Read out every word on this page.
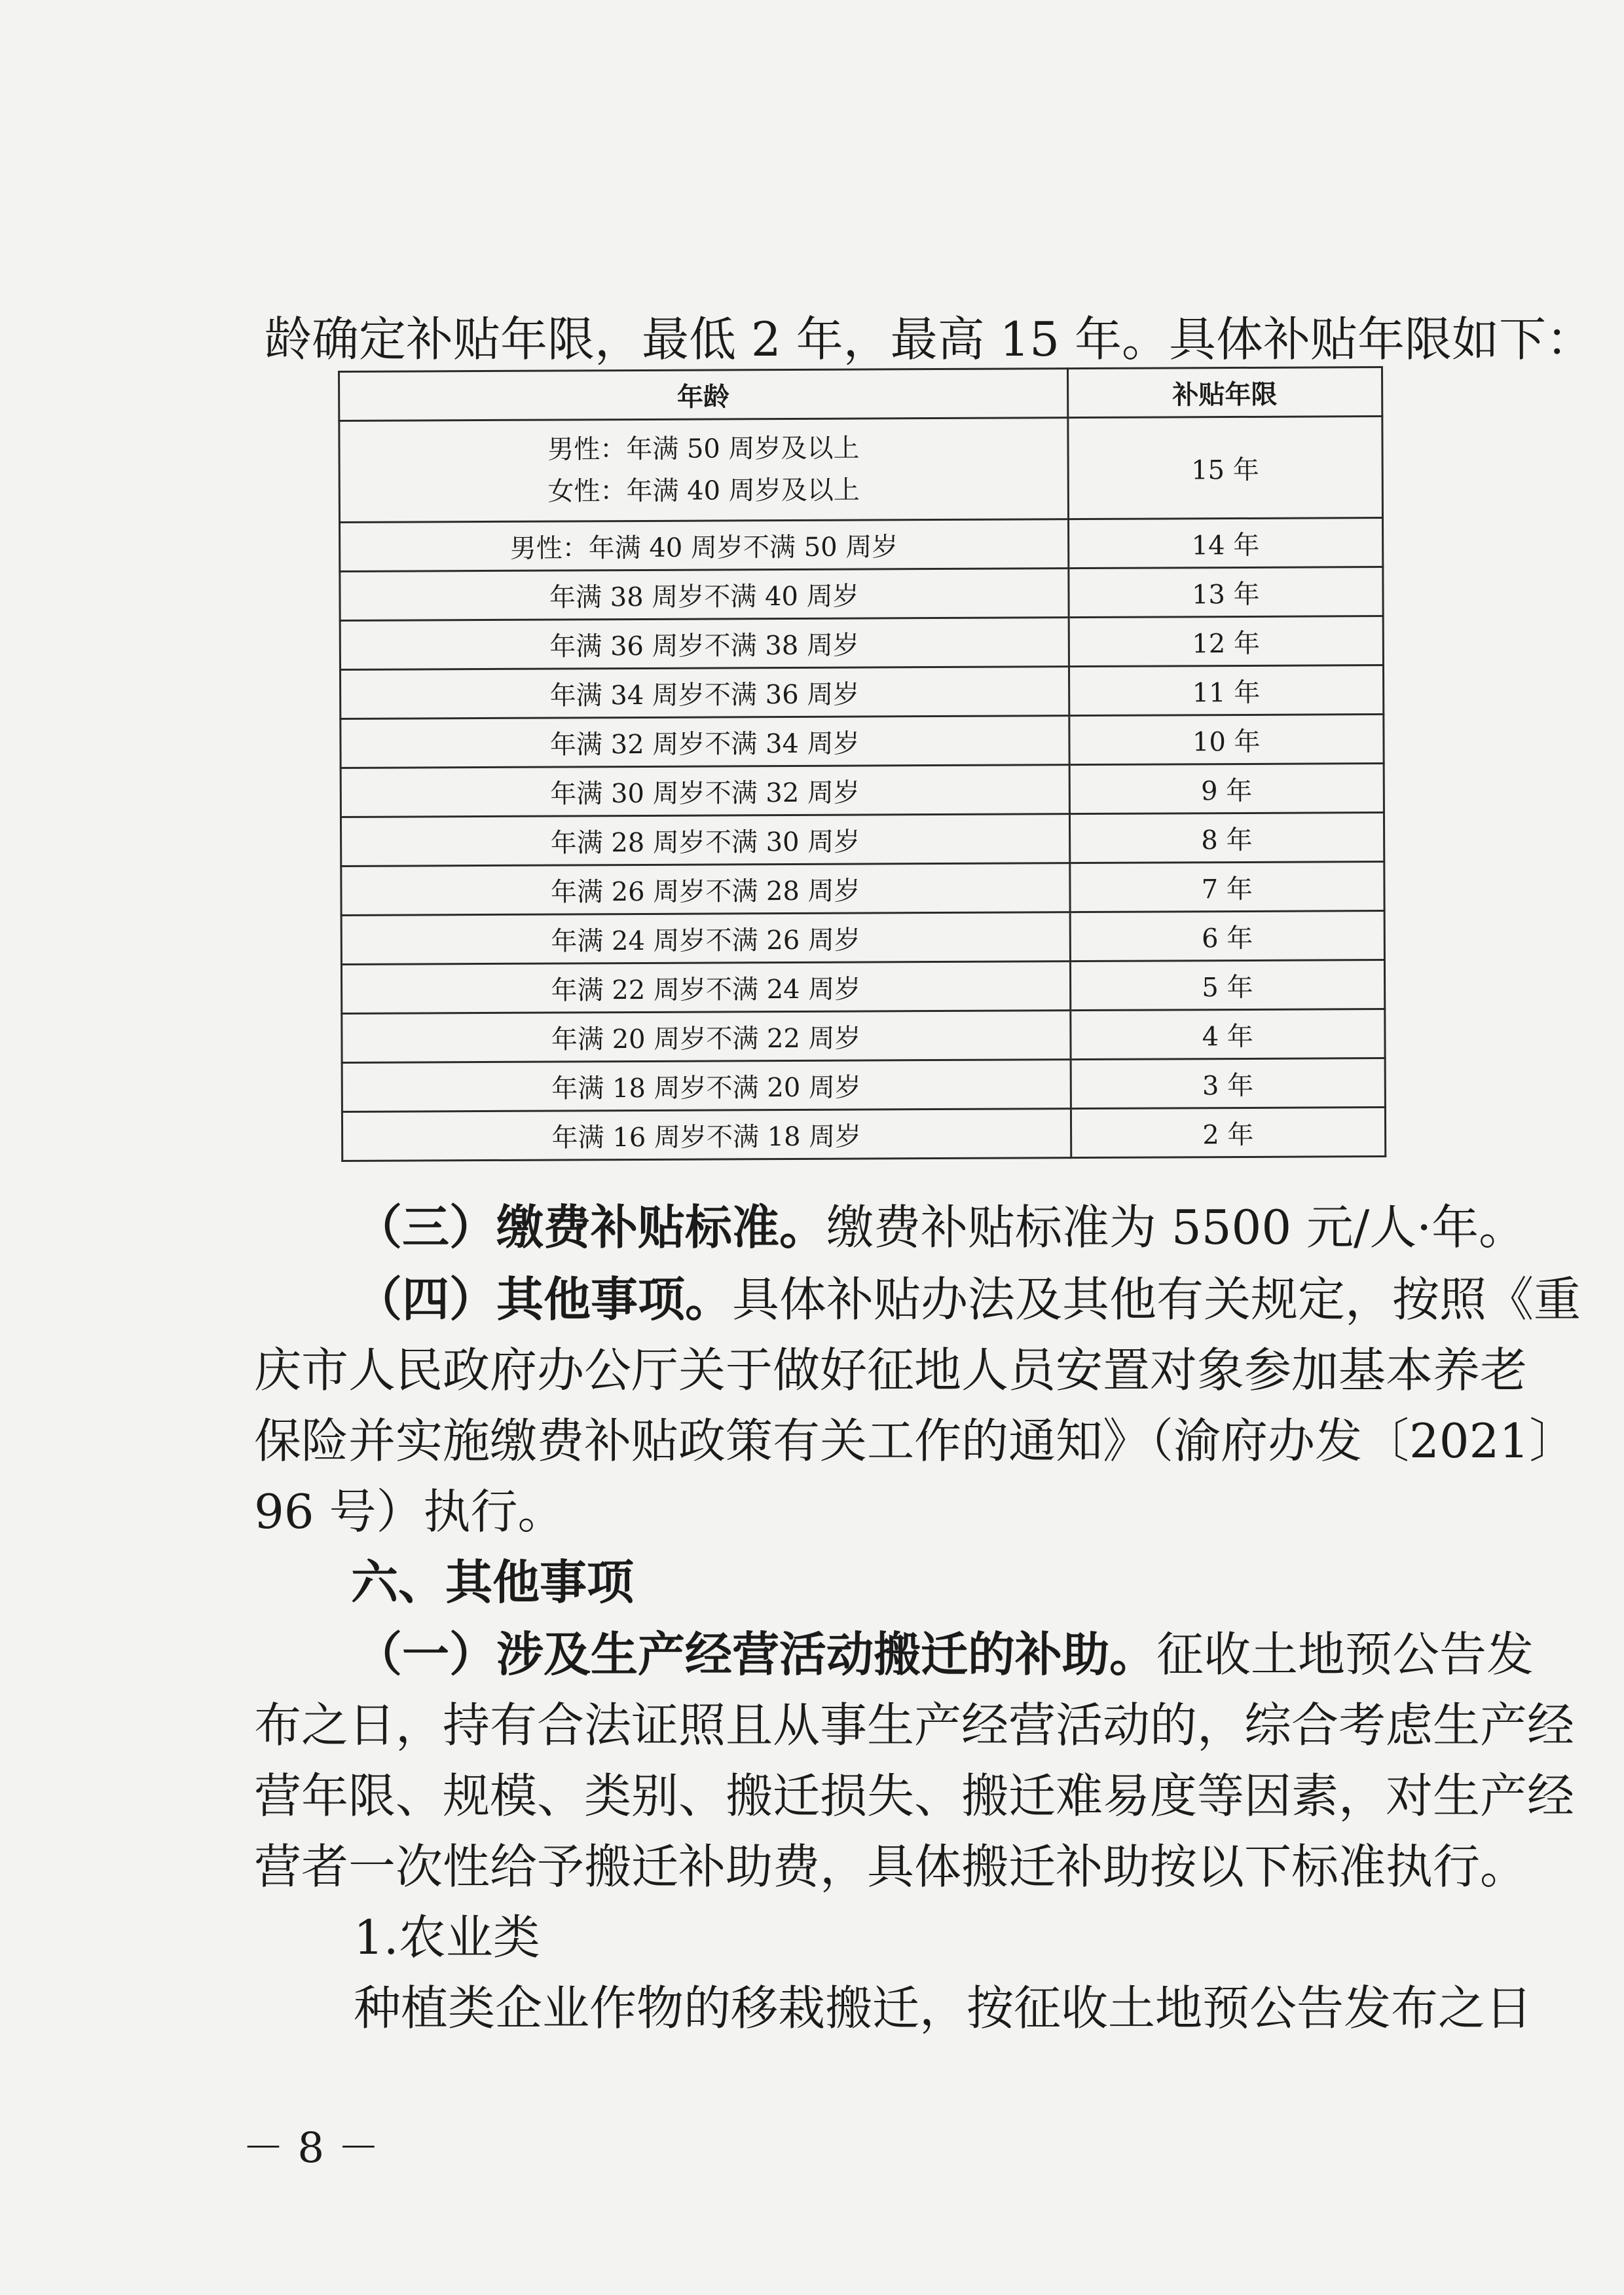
龄确定补贴年限，最低 2 年，最高 15 年。具体补贴年限如下：

年龄	补贴年限

男性：年满 50 周岁及以上
女性：年满 40 周岁及以上	15 年
男性：年满 40 周岁不满 50 周岁	14 年
年满 38 周岁不满 40 周岁	13 年
年满 36 周岁不满 38 周岁	12 年
年满 34 周岁不满 36 周岁	11 年
年满 32 周岁不满 34 周岁	10 年
年满 30 周岁不满 32 周岁	9 年
年满 28 周岁不满 30 周岁	8 年
年满 26 周岁不满 28 周岁	7 年
年满 24 周岁不满 26 周岁	6 年
年满 22 周岁不满 24 周岁	5 年
年满 20 周岁不满 22 周岁	4 年
年满 18 周岁不满 20 周岁	3 年
年满 16 周岁不满 18 周岁	2 年

（三）缴费补贴标准。缴费补贴标准为 5500 元/人·年。

（四）其他事项。具体补贴办法及其他有关规定，按照《重

庆市人民政府办公厅关于做好征地人员安置对象参加基本养老

保险并实施缴费补贴政策有关工作的通知》（渝府办发〔2021〕

96 号）执行。

六、其他事项

（一）涉及生产经营活动搬迁的补助。征收土地预公告发

布之日，持有合法证照且从事生产经营活动的，综合考虑生产经

营年限、规模、类别、搬迁损失、搬迁难易度等因素，对生产经

营者一次性给予搬迁补助费，具体搬迁补助按以下标准执行。

1.农业类

种植类企业作物的移栽搬迁，按征收土地预公告发布之日

－ 8 －
